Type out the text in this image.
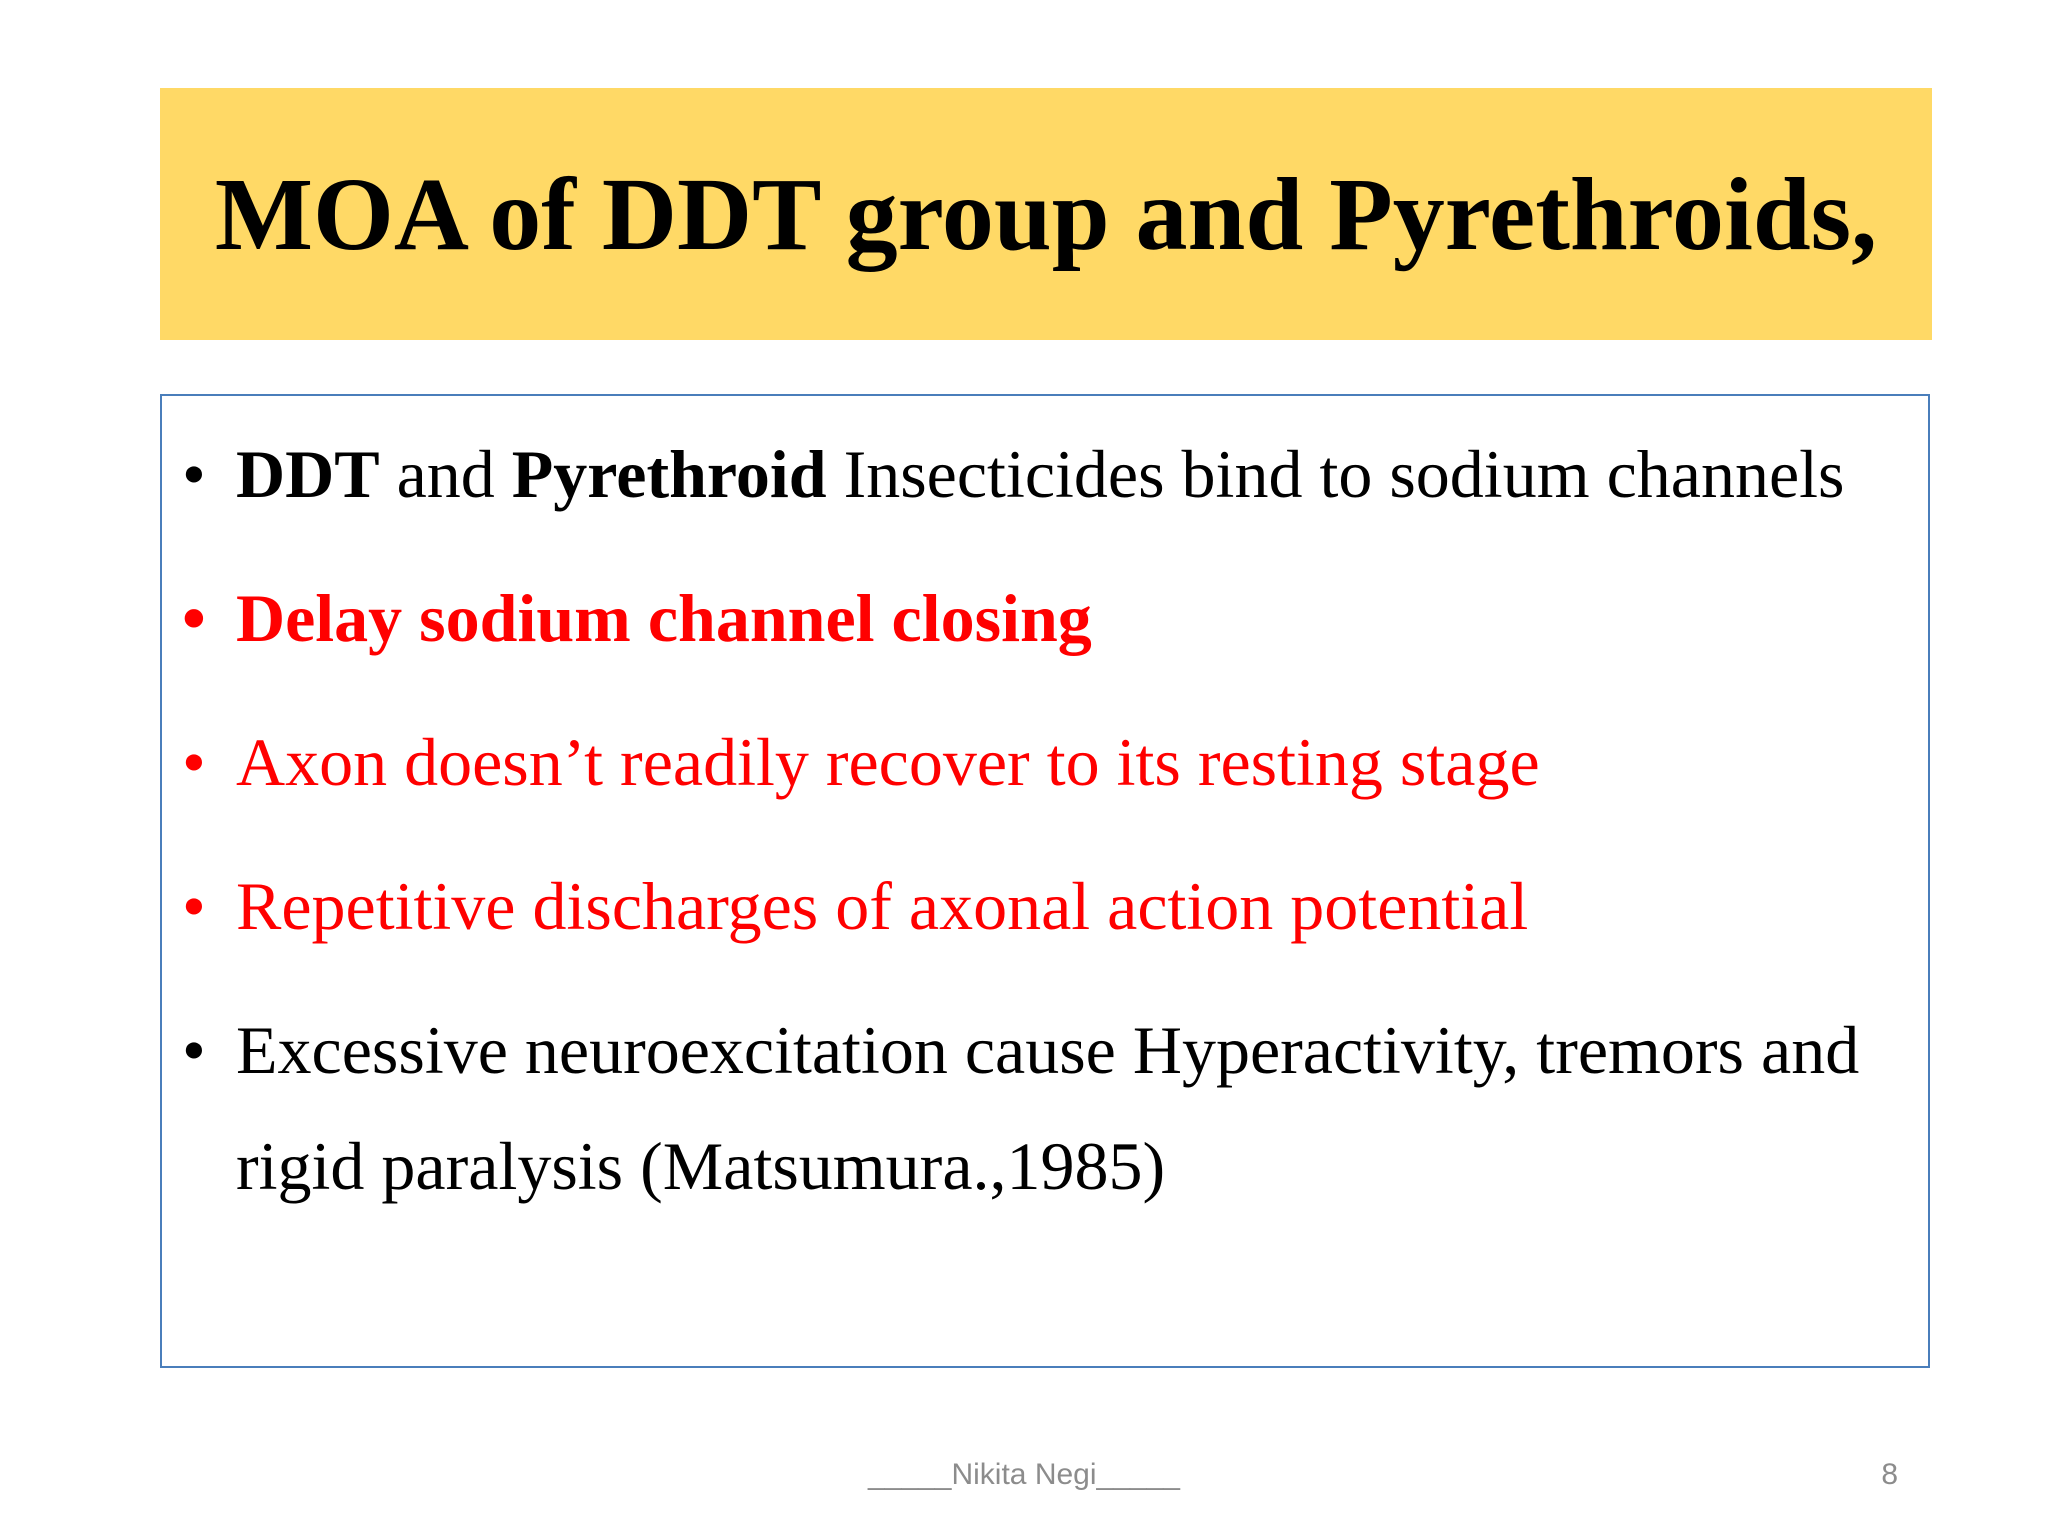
MOA of DDT group and Pyrethroids,
• DDT and Pyrethroid Insecticides bind to sodium channels
• Delay sodium channel closing
• Axon doesn’t readily recover to its resting stage
• Repetitive discharges of axonal action potential
• Excessive neuroexcitation cause Hyperactivity, tremors and rigid paralysis (Matsumura.,1985)
_____Nikita Negi_____	8
